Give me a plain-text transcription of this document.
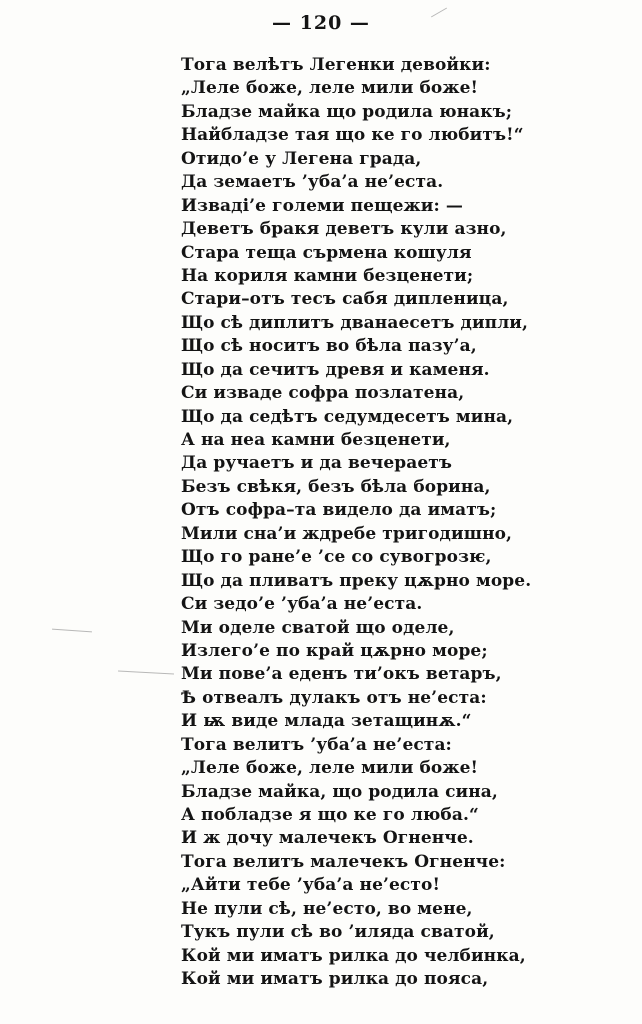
— 120 —
Тога велѣтъ Легенки девойки:
„Леле боже, леле мили боже!
Бладзе майка що родила юнакъ;
Найбладзе тая що ке го любитъ!“
Отидо’е у Легена града,
Да земаетъ ’уба’а не’еста.
Изваді’е големи пещежи: —
Деветъ бракя деветъ кули азно,
Стара теща сърмена кошуля
На кориля камни безценети;
Стари–отъ тесъ сабя дипленица,
Що сѣ диплитъ дванаесетъ дипли,
Що сѣ носитъ во бѣла пазу’а,
Що да сечитъ древя и каменя.
Си изваде софра позлатена,
Що да седѣтъ седумдесетъ мина,
А на неа камни безценети,
Да ручаетъ и да вечераетъ
Безъ свѣкя, безъ бѣла борина,
Отъ софра–та видело да иматъ;
Мили сна’и ждребе тригодишно,
Що го ране’е ’се со сувогрозѥ,
Що да пливатъ преку цѫрно море.
Си зедо’е ’уба’а не’еста.
Ми оделе сватой що оделе,
Излего’е по край цѫрно море;
Ми пове’а еденъ ти’окъ ветаръ,
Ѣ отвеалъ дулакъ отъ не’еста:
И ѭ виде млада зетащинѫ.“
Тога велитъ ’уба’а не’еста:
„Леле боже, леле мили боже!
Бладзе майка, що родила сина,
А побладзе я що ке го люба.“
И ж дочу малечекъ Огненче.
Тога велитъ малечекъ Огненче:
„Айти тебе ’уба’а не’есто!
Не пули сѣ, не’есто, во мене,
Тукъ пули сѣ во ’иляда сватой,
Кой ми иматъ рилка до челбинка,
Кой ми иматъ рилка до пояса,
